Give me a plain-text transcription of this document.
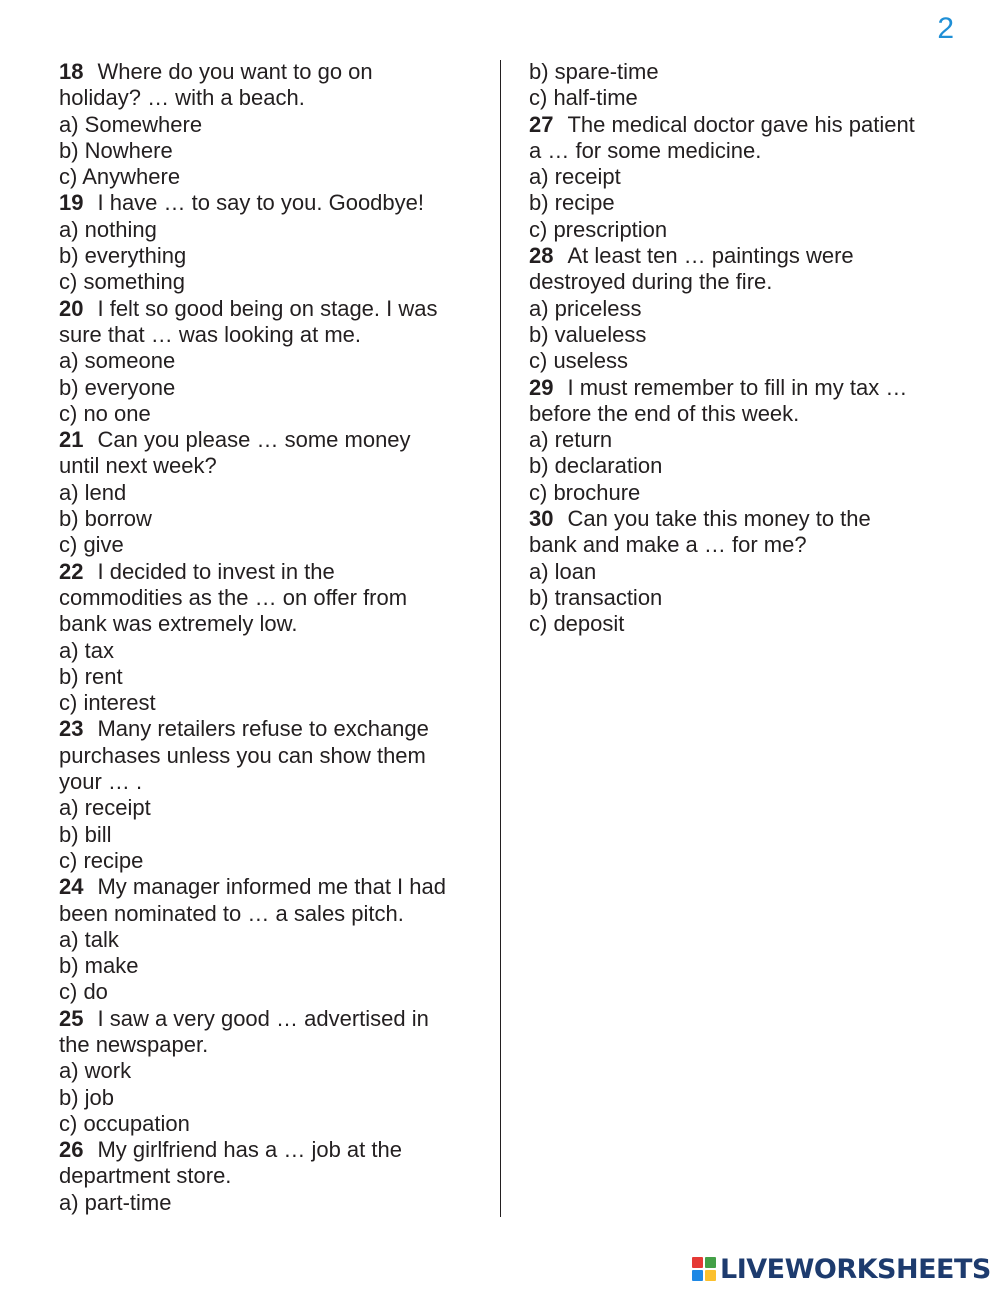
2
18 Where do you want to go on
holiday? … with a beach.
a) Somewhere
b) Nowhere
c) Anywhere
19 I have … to say to you. Goodbye!
a) nothing
b) everything
c) something
20 I felt so good being on stage. I was
sure that … was looking at me.
a) someone
b) everyone
c) no one
21 Can you please … some money
until next week?
a) lend
b) borrow
c) give
22 I decided to invest in the
commodities as the … on offer from
bank was extremely low.
a) tax
b) rent
c) interest
23 Many retailers refuse to exchange
purchases unless you can show them
your … .
a) receipt
b) bill
c) recipe
24 My manager informed me that I had
been nominated to … a sales pitch.
a) talk
b) make
c) do
25 I saw a very good … advertised in
the newspaper.
a) work
b) job
c) occupation
26 My girlfriend has a … job at the
department store.
a) part-time
b) spare-time
c) half-time
27 The medical doctor gave his patient
a … for some medicine.
a) receipt
b) recipe
c) prescription
28 At least ten … paintings were
destroyed during the fire.
a) priceless
b) valueless
c) useless
29 I must remember to fill in my tax …
before the end of this week.
a) return
b) declaration
c) brochure
30 Can you take this money to the
bank and make a … for me?
a) loan
b) transaction
c) deposit
LIVEWORKSHEETS
